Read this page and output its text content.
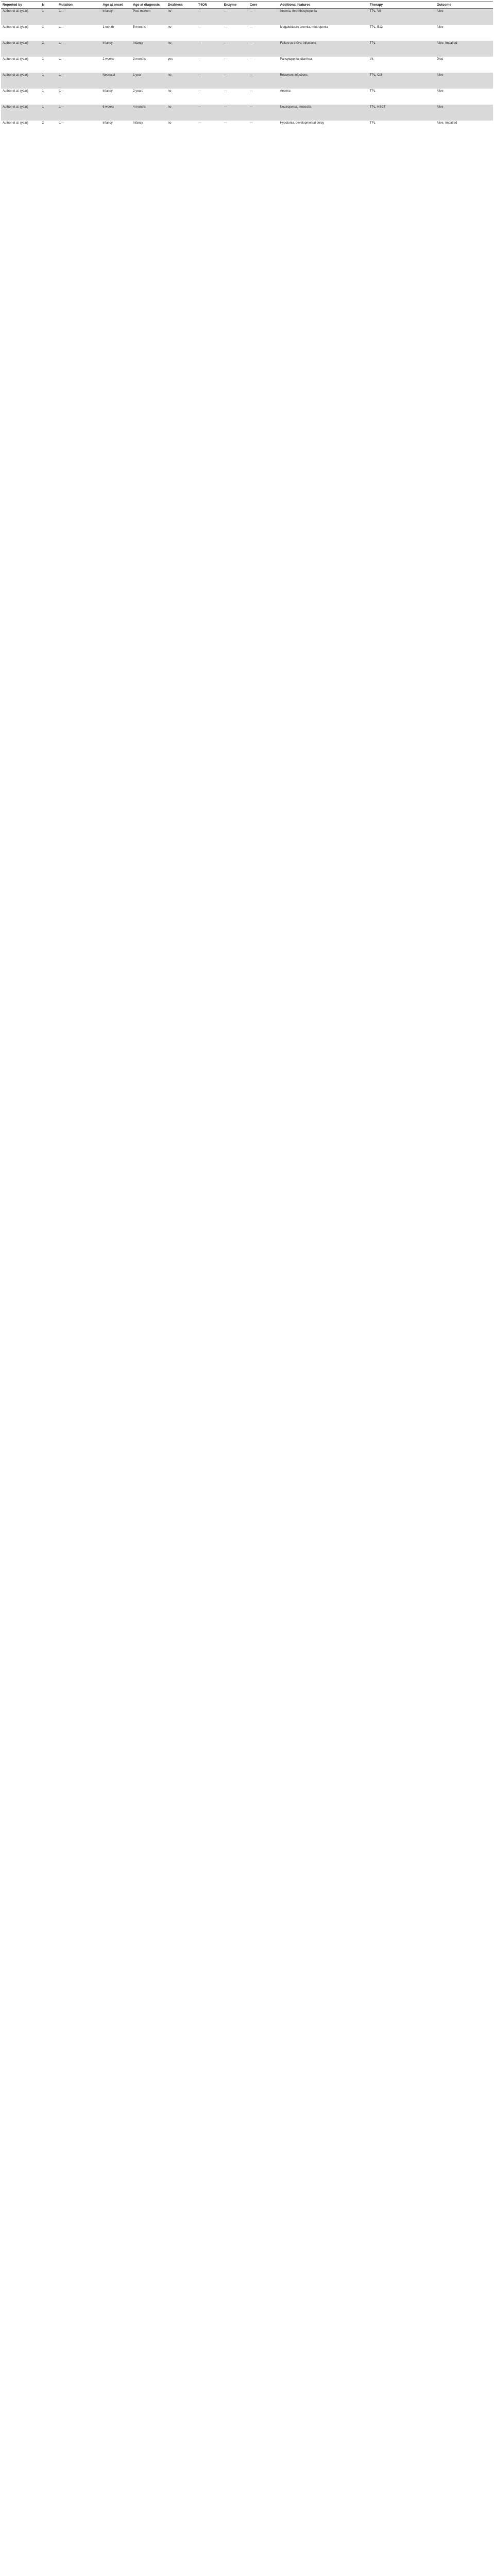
Reported by	N	Mutation	Age at onset	Age at diagnosis	Deafness	T-ION	Enzyme	Core	Additional features	Therapy	Outcome
Author et al. (year)	1	c.—	Infancy	Post mortem	no	—	—	—	Anemia, thrombocytopenia	TPL, Vit	Alive
Author et al. (year)	1	c.—	1 month	5 months	no	—	—	—	Megaloblastic anemia, neutropenia	TPL, B12	Alive
Author et al. (year)	2	c.—	Infancy	Infancy	no	—	—	—	Failure to thrive, infections	TPL	Alive, Impaired
Author et al. (year)	1	c.—	2 weeks	3 months	yes	—	—	—	Pancytopenia, diarrhea	Vit	Died
Author et al. (year)	1	c.—	Neonatal	1 year	no	—	—	—	Recurrent infections	TPL, CbI	Alive
Author et al. (year)	1	c.—	Infancy	2 years	no	—	—	—	Anemia	TPL	Alive
Author et al. (year)	1	c.—	6 weeks	4 months	no	—	—	—	Neutropenia, mucositis	TPL, HSCT	Alive
Author et al. (year)	2	c.—	Infancy	Infancy	no	—	—	—	Hypotonia, developmental delay	TPL	Alive, Impaired
